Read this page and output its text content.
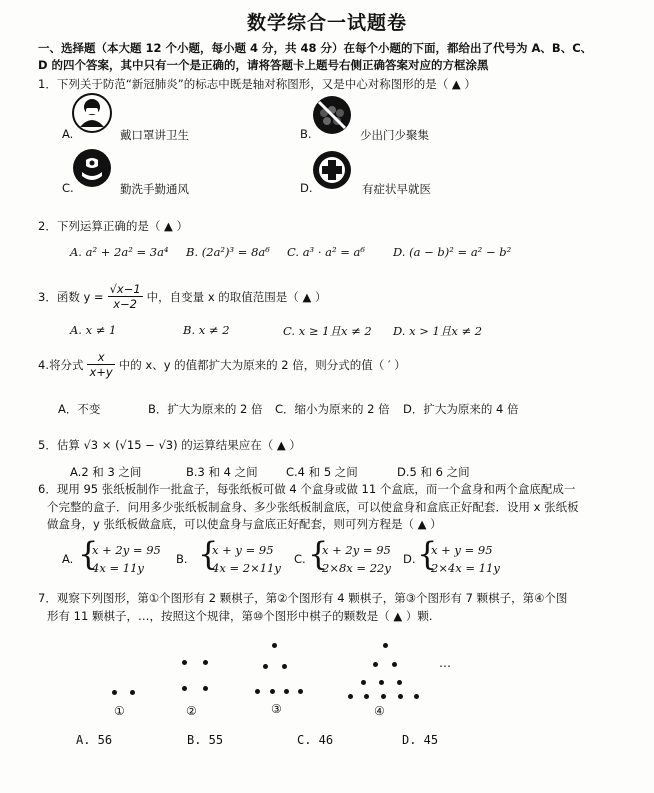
数学综合一试题卷
一、选择题（本大题 12 个小题，每小题 4 分，共 48 分）在每个小题的下面，都给出了代号为 A、B、C、
D 的四个答案，其中只有一个是正确的，请将答题卡上题号右侧正确答案对应的方框涂黑
1．下列关于防范“新冠肺炎”的标志中既是轴对称图形，又是中心对称图形的是（ ▲ ）
A.	戴口罩讲卫生	B.	少出门少聚集
C.	勤洗手勤通风	D.	有症状早就医
2．下列运算正确的是（ ▲ ）
A. a² + 2a² = 3a⁴ B. (2a²)³ = 8a⁶ C. a³ · a² = a⁶ D. (a − b)² = a² − b²
3．函数 $y = \frac{√x-1}{x-2}$ 中，自变量 x 的取值范围是（ ▲ ）
A. x ≠ 1	B. x ≠ 2	C. x ≥ 1且x ≠ 2 D. x > 1且x ≠ 2
4.将分式 $\frac{x}{x+y}$ 中的 x、y 的值都扩大为原来的 2 倍，则分式的值（ ′ ）
A．不变	B．扩大为原来的 2 倍 C．缩小为原来的 2 倍 D．扩大为原来的 4 倍
5．估算 √3 × (√15 − √3) 的运算结果应在（ ▲ ）
A.2 和 3 之间	B.3 和 4 之间 C.4 和 5 之间	D.5 和 6 之间
6．现用 95 张纸板制作一批盒子，每张纸板可做 4 个盒身或做 11 个盒底，而一个盒身和两个盒底配成一
个完整的盒子．问用多少张纸板制盒身、多少张纸板制盒底，可以使盒身和盒底正好配套．设用 x 张纸板
做盒身，y 张纸板做盒底，可以使盒身与盒底正好配套，则可列方程是（ ▲ ）
A. {
x + 2y = 95
4x = 11y
B. {
x + y = 95
4x = 2×11y
C. {
x + 2y = 95
2×8x = 22y
D. {
x + y = 95
2×4x = 11y
7．观察下列图形，第①个图形有 2 颗棋子，第②个图形有 4 颗棋子，第③个图形有 7 颗棋子，第④个图
形有 11 颗棋子，…，按照这个规律，第⑩个图形中棋子的颗数是（ ▲ ）颗.
…
①	②	③	④
A. 56	B. 55	C. 46	D. 45
